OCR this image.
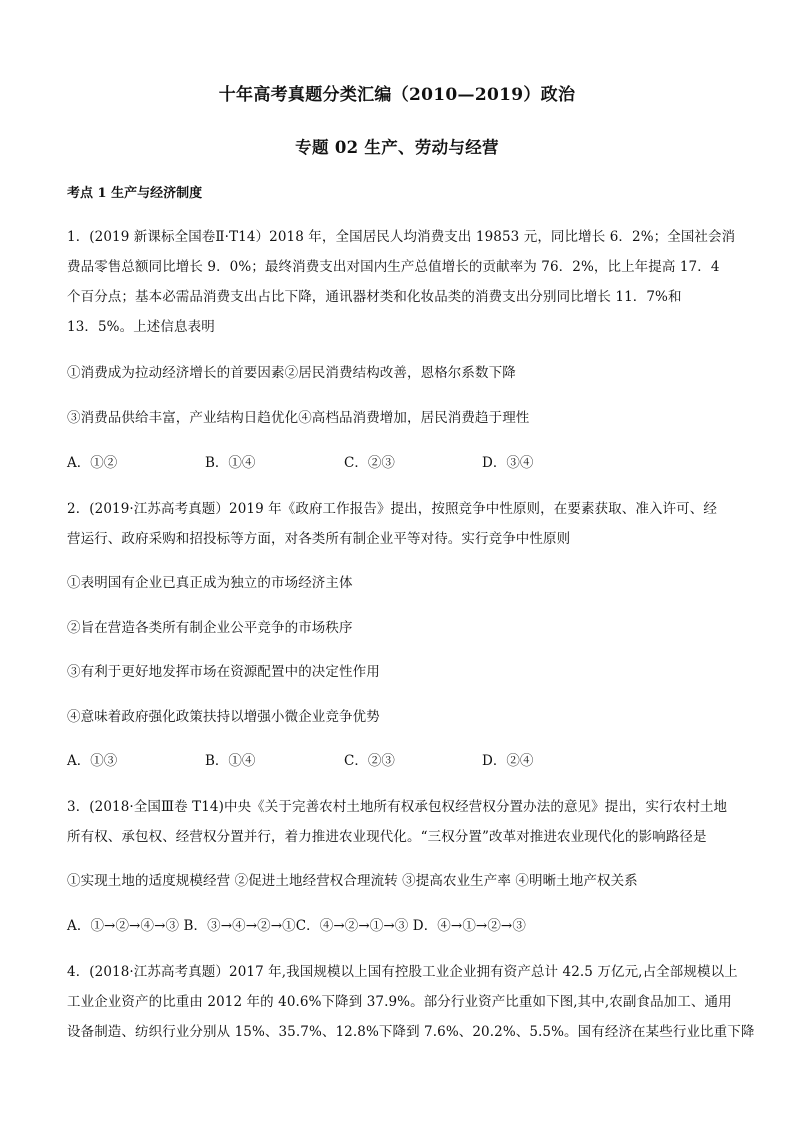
十年高考真题分类汇编（2010—2019）政治
专题 02 生产、劳动与经营
考点 1 生产与经济制度
1．(2019 新课标全国卷Ⅱ·T14）2018 年，全国居民人均消费支出 19853 元，同比增长 6．2%；全国社会消
费品零售总额同比增长 9．0%；最终消费支出对国内生产总值增长的贡献率为 76．2%，比上年提高 17．4
个百分点；基本必需品消费支出占比下降，通讯器材类和化妆品类的消费支出分别同比增长 11．7%和
13．5%。上述信息表明
①消费成为拉动经济增长的首要因素②居民消费结构改善，恩格尔系数下降
③消费品供给丰富，产业结构日趋优化④高档品消费增加，居民消费趋于理性
A．①②	B．①④	C．②③	D．③④
2．(2019·江苏高考真题）2019 年《政府工作报告》提出，按照竞争中性原则，在要素获取、准入许可、经
营运行、政府采购和招投标等方面，对各类所有制企业平等对待。实行竞争中性原则
①表明国有企业已真正成为独立的市场经济主体
②旨在营造各类所有制企业公平竞争的市场秩序
③有利于更好地发挥市场在资源配置中的决定性作用
④意味着政府强化政策扶持以增强小微企业竞争优势
A．①③	B．①④	C．②③	D．②④
3．(2018·全国Ⅲ卷 T14)中央《关于完善农村土地所有权承包权经营权分置办法的意见》提出，实行农村土地
所有权、承包权、经营权分置并行，着力推进农业现代化。“三权分置”改革对推进农业现代化的影响路径是
①实现土地的适度规模经营 ②促进土地经营权合理流转 ③提高农业生产率 ④明晰土地产权关系
A．①→②→④→③ B．③→④→②→①C．④→②→①→③ D．④→①→②→③
4．(2018·江苏高考真题）2017 年,我国规模以上国有控股工业企业拥有资产总计 42.5 万亿元,占全部规模以上
工业企业资产的比重由 2012 年的 40.6%下降到 37.9%。部分行业资产比重如下图,其中,农副食品加工、通用
设备制造、纺织行业分别从 15%、35.7%、12.8%下降到 7.6%、20.2%、5.5%。国有经济在某些行业比重下降
